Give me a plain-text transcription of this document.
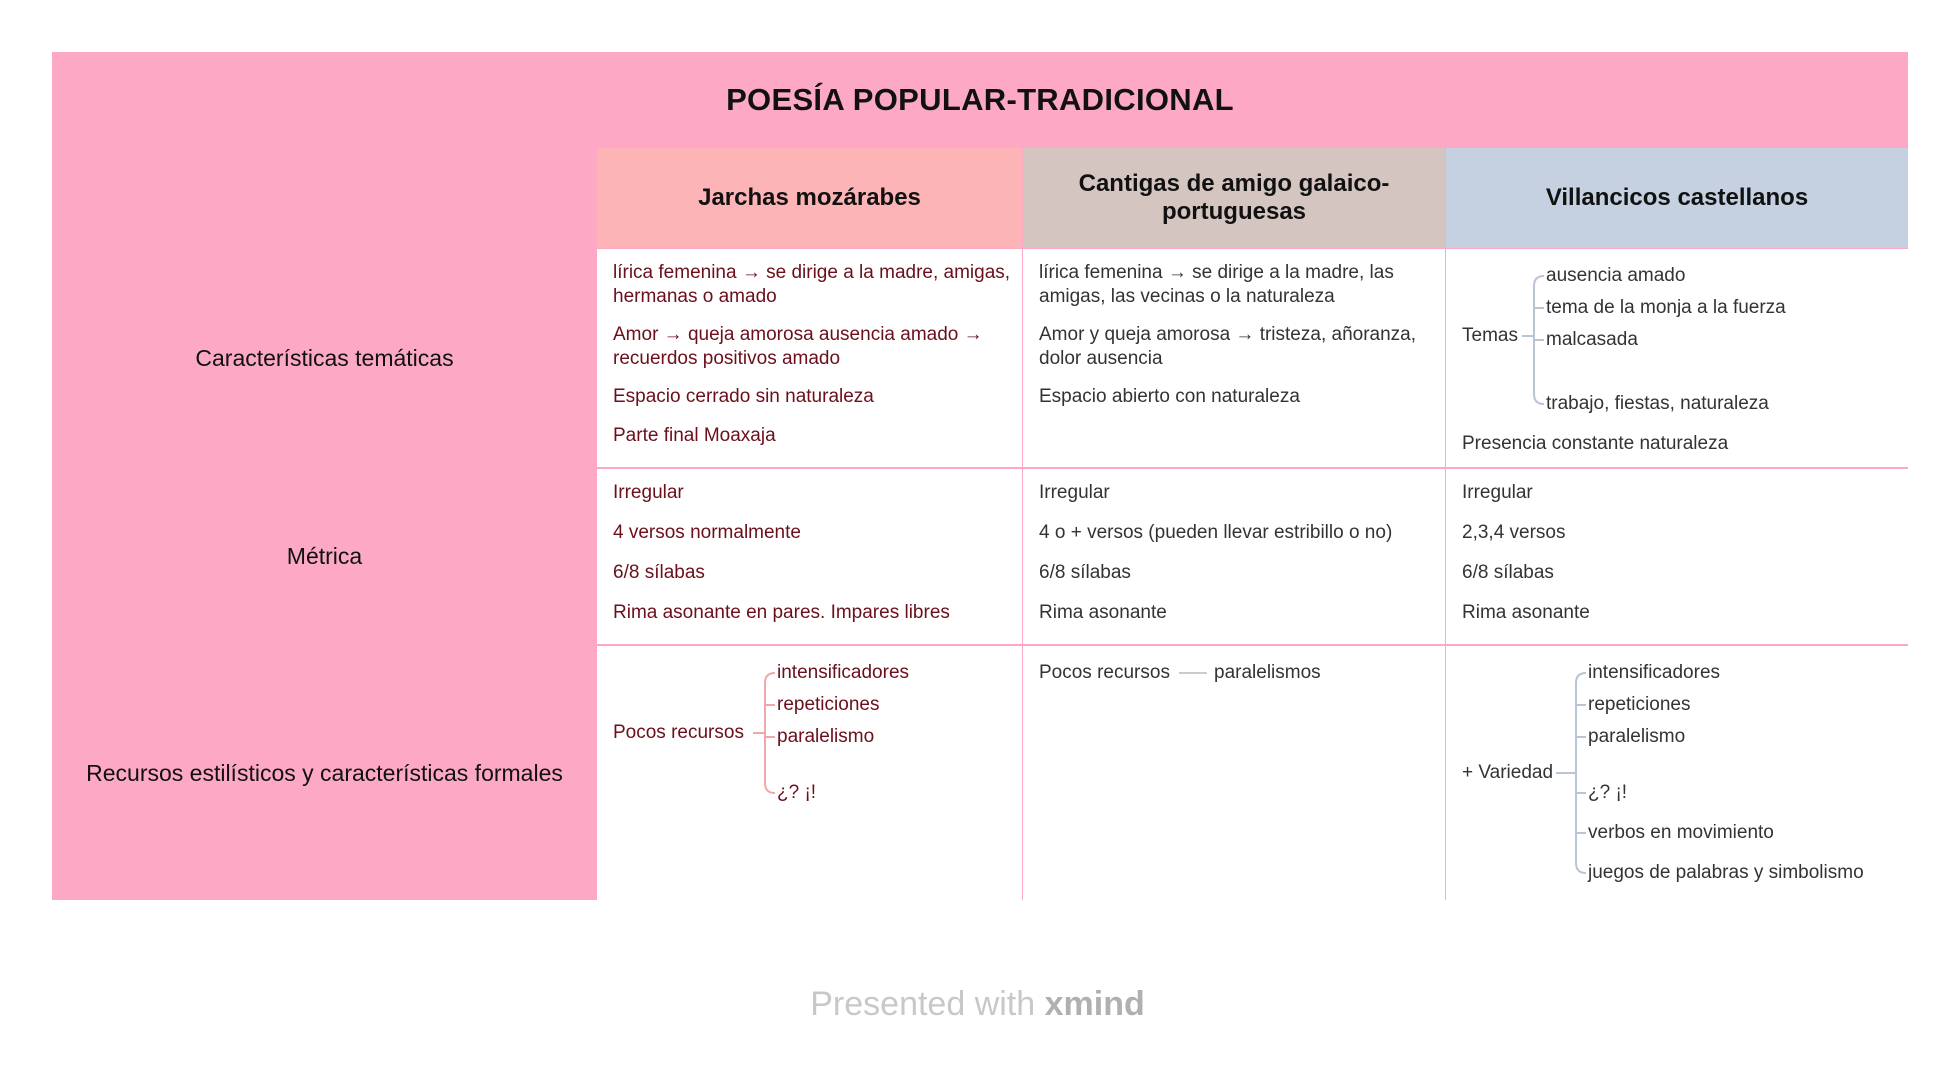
POESÍA POPULAR-TRADICIONAL
Jarchas mozárabes
Cantigas de amigo galaico-portuguesas
Villancicos castellanos
Características temáticas
Métrica
Recursos estilísticos y características formales
lírica femenina → se dirige a la madre, amigas, hermanas o amado
Amor → queja amorosa ausencia amado → recuerdos positivos amado
Espacio cerrado sin naturaleza
Parte final Moaxaja
lírica femenina → se dirige a la madre, las amigas, las vecinas o la naturaleza
Amor y queja amorosa → tristeza, añoranza, dolor ausencia
Espacio abierto con naturaleza
Temas
ausencia amado
tema de la monja a la fuerza
malcasada
trabajo, fiestas, naturaleza
Presencia constante naturaleza
Irregular
4 versos normalmente
6/8 sílabas
Rima asonante en pares. Impares libres
Irregular
4 o + versos (pueden llevar estribillo o no)
6/8 sílabas
Rima asonante
Irregular
2,3,4 versos
6/8 sílabas
Rima asonante
Pocos recursos
intensificadores
repeticiones
paralelismo
¿? ¡!
Pocos recursos paralelismos
+ Variedad
intensificadores
repeticiones
paralelismo
¿? ¡!
verbos en movimiento
juegos de palabras y simbolismo
Presented with xmind
